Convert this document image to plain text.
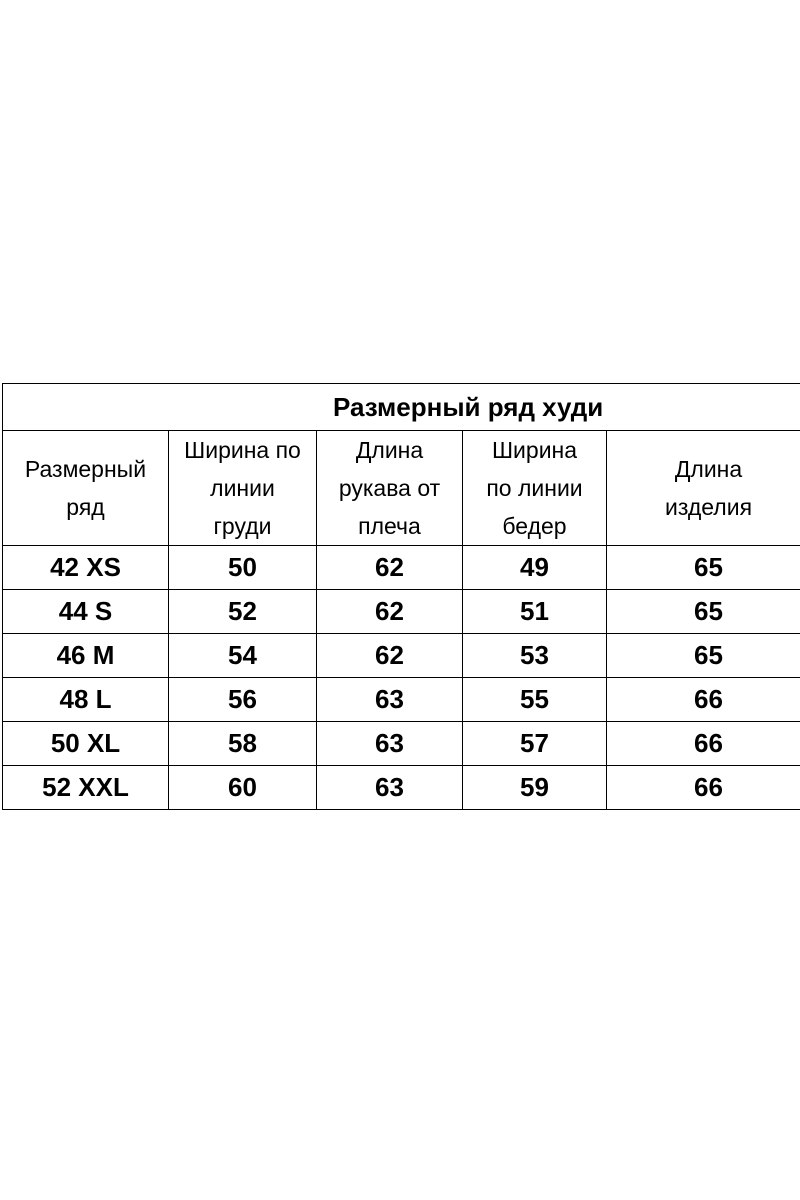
Размерный ряд худи				

Размерный
ряд	Ширина по
линии
груди	Длина
рукава от
плеча	Ширина
по линии
бедер	Длина
изделия

42 XS	50	62	49	65
44 S	52	62	51	65
46 M	54	62	53	65
48 L	56	63	55	66
50 XL	58	63	57	66
52 XXL	60	63	59	66
